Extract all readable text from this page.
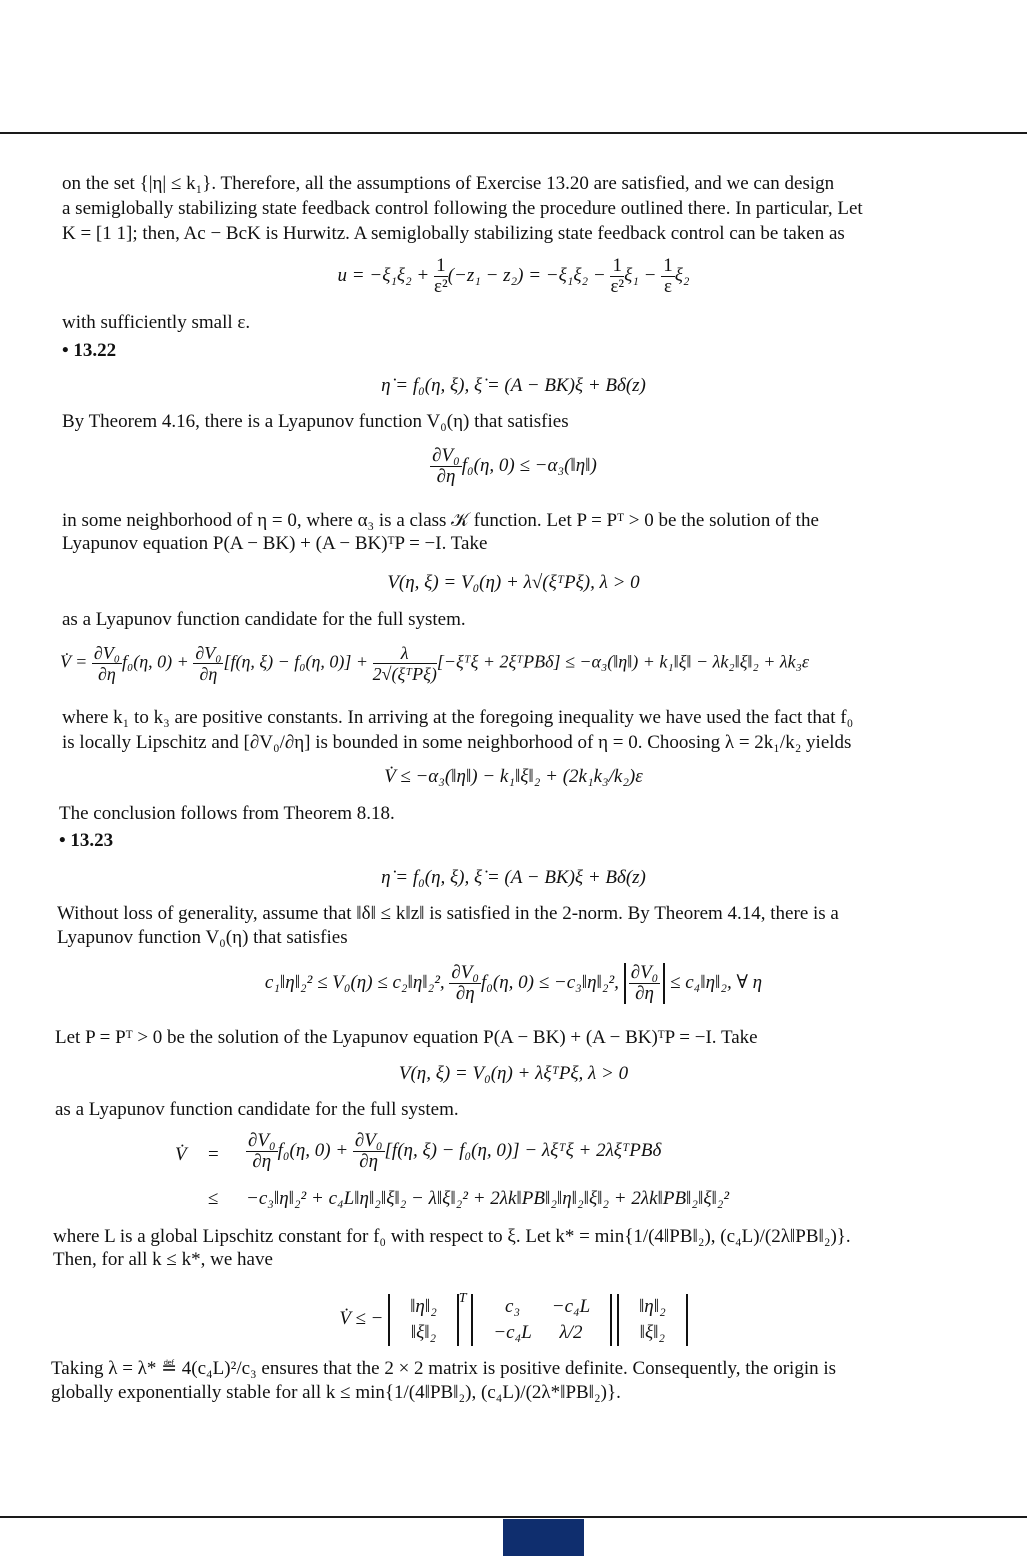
on the set {|η| ≤ k₁}. Therefore, all the assumptions of Exercise 13.20 are satisfied, and we can design
a semiglobally stabilizing state feedback control following the procedure outlined there. In particular, Let
K = [1 1]; then, Ac − BcK is Hurwitz. A semiglobally stabilizing state feedback control can be taken as
$u = -\xi_1\xi_2 + \frac{1}{\text{ε²}} (-z_1 - z_2) = -\xi_1\xi_2 - \frac{1}{\text{ε²}} \xi_1 - \frac{1}{\varepsilon} \xi_2$
with sufficiently small ε.
• 13.22
η̇ = f₀(η, ξ), ξ̇ = (A − BK)ξ + Bδ(z)
By Theorem 4.16, there is a Lyapunov function V₀(η) that satisfies
$\frac{\text{∂V₀}}{\partial\eta} f_0(\eta$, 0) ≤ −α₃(‖η‖)
in some neighborhood of η = 0, where α₃ is a class 𝒦 function. Let P = Pᵀ > 0 be the solution of the
Lyapunov equation P(A − BK) + (A − BK)ᵀP = −I. Take
V(η, ξ) = V₀(η) + λ√(ξᵀPξ), λ > 0
as a Lyapunov function candidate for the full system.
V̇ = $\frac{\text{∂V₀}}{\partial\eta} f_0(\eta$, $0) + \frac{\text{∂V₀}}{\partial\eta} [f(\eta$, ξ) − f₀(η, $0)] + \frac{\lambda}{\text{2√(ξᵀPξ)}}$ [−ξᵀξ + 2ξᵀPBδ] ≤ −α₃(‖η‖) + k₁‖ξ‖ − λk₂‖ξ‖₂ + λk₃ε
where k₁ to k₃ are positive constants. In arriving at the foregoing inequality we have used the fact that f₀
is locally Lipschitz and [∂V₀/∂η] is bounded in some neighborhood of η = 0. Choosing λ = 2k₁/k₂ yields
V̇ ≤ −α₃(‖η‖) − k₁‖ξ‖₂ + (2k₁k₃/k₂)ε
The conclusion follows from Theorem 8.18.
• 13.23
η̇ = f₀(η, ξ), ξ̇ = (A − BK)ξ + Bδ(z)
Without loss of generality, assume that ‖δ‖ ≤ k‖z‖ is satisfied in the 2-norm. By Theorem 4.14, there is a
Lyapunov function V₀(η) that satisfies
c₁‖η‖₂² ≤ V₀(η) ≤ c₂‖η‖₂², $\frac{\text{∂V₀}}{\partial\eta} f_0(\eta$, 0) ≤ −c₃‖η‖₂², $\frac{\text{∂V₀}}{\partial\eta}$ ≤ c₄‖η‖₂, ∀ η
Let P = Pᵀ > 0 be the solution of the Lyapunov equation P(A − BK) + (A − BK)ᵀP = −I. Take
V(η, ξ) = V₀(η) + λξᵀPξ, λ > 0
as a Lyapunov function candidate for the full system.
V̇ = $\frac{\text{∂V₀}}{\partial\eta} f_0(\eta$, $0) + \frac{\text{∂V₀}}{\partial\eta} [f(\eta$, ξ) − f₀(η, 0)] − λξᵀξ + 2λξᵀPBδ
≤ −c₃‖η‖₂² + c₄L‖η‖₂‖ξ‖₂ − λ‖ξ‖₂² + 2λk‖PB‖₂‖η‖₂‖ξ‖₂ + 2λk‖PB‖₂‖ξ‖₂²
where L is a global Lipschitz constant for f₀ with respect to ξ. Let k* = min{1/(4‖PB‖₂), (c₄L)/(2λ‖PB‖₂)}.
Then, for all k ≤ k*, we have
V̇ ≤ −
‖η‖₂
‖ξ‖₂
$^T$ c₃	−c₄L
−c₄L	λ/2

‖η‖₂
‖ξ‖₂
Taking λ = λ* ≝ 4(c₄L)²/c₃ ensures that the 2 × 2 matrix is positive definite. Consequently, the origin is
globally exponentially stable for all k ≤ min{1/(4‖PB‖₂), (c₄L)/(2λ*‖PB‖₂)}.
